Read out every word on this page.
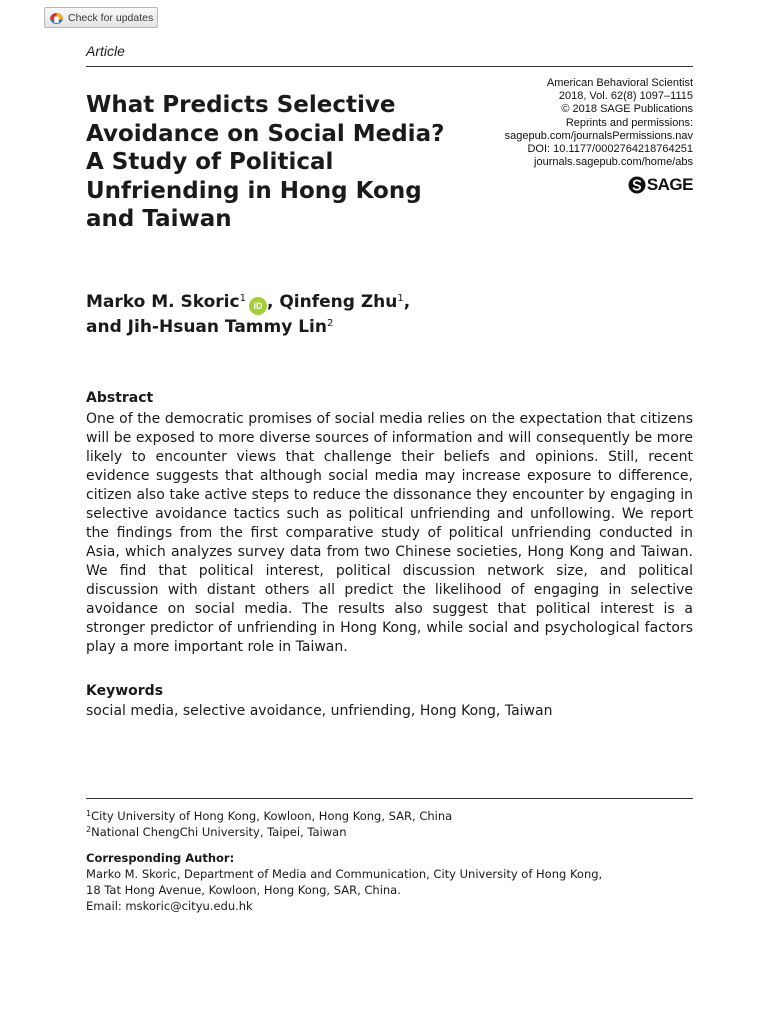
Check for updates
Article
What Predicts Selective Avoidance on Social Media? A Study of Political Unfriending in Hong Kong and Taiwan
American Behavioral Scientist
2018, Vol. 62(8) 1097–1115
© 2018 SAGE Publications
Reprints and permissions:
sagepub.com/journalsPermissions.nav
DOI: 10.1177/0002764218764251
journals.sagepub.com/home/abs
SAGE
Marko M. Skoric$^1$iD , Qinfeng Zhu$^1$,
and Jih-Hsuan Tammy Lin$^2$
Abstract

One of the democratic promises of social media relies on the expectation that citizens will be exposed to more diverse sources of information and will consequently be more likely to encounter views that challenge their beliefs and opinions. Still, recent evidence suggests that although social media may increase exposure to difference, citizen also take active steps to reduce the dissonance they encounter by engaging in selective avoidance tactics such as political unfriending and unfollowing. We report the findings from the first comparative study of political unfriending conducted in Asia, which analyzes survey data from two Chinese societies, Hong Kong and Taiwan. We find that political interest, political discussion network size, and political discussion with distant others all predict the likelihood of engaging in selective avoidance on social media. The results also suggest that political interest is a stronger predictor of unfriending in Hong Kong, while social and psychological factors play a more important role in Taiwan.

Keywords
social media, selective avoidance, unfriending, Hong Kong, Taiwan
$^1$City University of Hong Kong, Kowloon, Hong Kong, SAR, China
$^2$National ChengChi University, Taipei, Taiwan
Corresponding Author:
Marko M. Skoric, Department of Media and Communication, City University of Hong Kong,
18 Tat Hong Avenue, Kowloon, Hong Kong, SAR, China.
Email: mskoric@cityu.edu.hk
